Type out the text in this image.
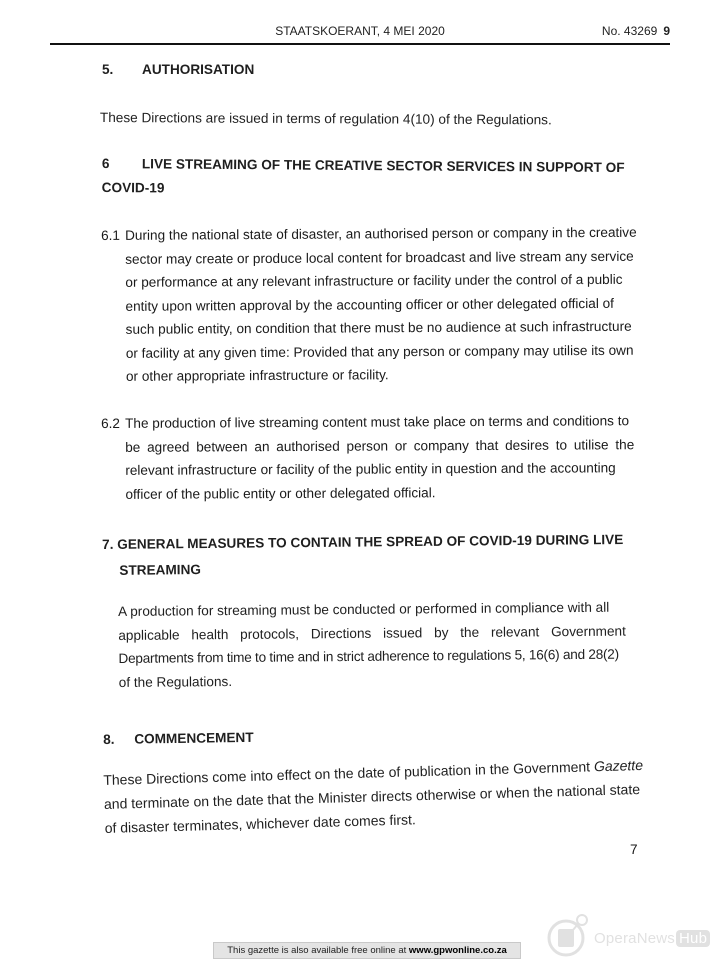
STAATSKOERANT, 4 MEI 2020	No. 43269 9
5. AUTHORISATION
These Directions are issued in terms of regulation 4(10) of the Regulations.
6 LIVE STREAMING OF THE CREATIVE SECTOR SERVICES IN SUPPORT OF
COVID-19
6.1 During the national state of disaster, an authorised person or company in the creative
sector may create or produce local content for broadcast and live stream any service
or performance at any relevant infrastructure or facility under the control of a public
entity upon written approval by the accounting officer or other delegated official of
such public entity, on condition that there must be no audience at such infrastructure
or facility at any given time: Provided that any person or company may utilise its own
or other appropriate infrastructure or facility.
6.2 The production of live streaming content must take place on terms and conditions to
be agreed between an authorised person or company that desires to utilise the
relevant infrastructure or facility of the public entity in question and the accounting
officer of the public entity or other delegated official.
7. GENERAL MEASURES TO CONTAIN THE SPREAD OF COVID-19 DURING LIVE
STREAMING
A production for streaming must be conducted or performed in compliance with all
applicable health protocols, Directions issued by the relevant Government
Departments from time to time and in strict adherence to regulations 5, 16(6) and 28(2)
of the Regulations.
8. COMMENCEMENT
These Directions come into effect on the date of publication in the Government Gazette
and terminate on the date that the Minister directs otherwise or when the national state
of disaster terminates, whichever date comes first.
7
This gazette is also available free online at www.gpwonline.co.za
OperaNews Hub
